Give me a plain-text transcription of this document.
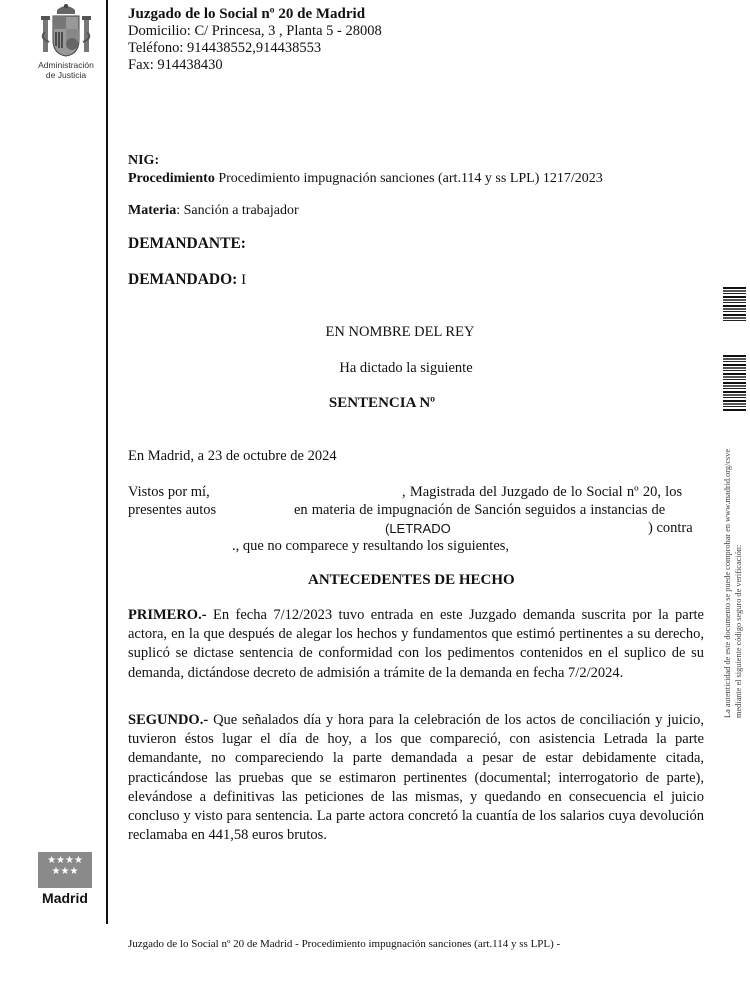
Administración
de Justicia
Juzgado de lo Social nº 20 de Madrid
Domicilio: C/ Princesa, 3 , Planta 5 - 28008
Teléfono: 914438552,914438553
Fax: 914438430
NIG:
Procedimiento Procedimiento impugnación sanciones (art.114 y ss LPL) 1217/2023
Materia: Sanción a trabajador
DEMANDANTE:
DEMANDADO: I
EN NOMBRE DEL REY
Ha dictado la siguiente
SENTENCIA Nº
En Madrid, a 23 de octubre de 2024
Vistos por mí,	, Magistrada del Juzgado de lo Social nº 20, los
presentes autos	en materia de impugnación de Sanción seguidos a instancias de
(LETRADO	) contra
., que no comparece y resultando los siguientes,
ANTECEDENTES DE HECHO
PRIMERO.- En fecha 7/12/2023 tuvo entrada en este Juzgado demanda suscrita por la parte actora, en la que después de alegar los hechos y fundamentos que estimó pertinentes a su derecho, suplicó se dictase sentencia de conformidad con los pedimentos contenidos en el suplico de su demanda, dictándose decreto de admisión a trámite de la demanda en fecha 7/2/2024.
SEGUNDO.- Que señalados día y hora para la celebración de los actos de conciliación y juicio, tuvieron éstos lugar el día de hoy, a los que compareció, con asistencia Letrada la parte demandante, no compareciendo la parte demandada a pesar de estar debidamente citada, practicándose las pruebas que se estimaron pertinentes (documental; interrogatorio de parte), elevándose a definitivas las peticiones de las mismas, y quedando en consecuencia el juicio concluso y visto para sentencia. La parte actora concretó la cuantía de los salarios cuya devolución reclamaba en 441,58 euros brutos.
La autenticidad de este documento se puede comprobar en www.madrid.org/csve mediante el siguiente código seguro de verificación:
★★★★
★★★
Madrid
Juzgado de lo Social nº 20 de Madrid - Procedimiento impugnación sanciones (art.114 y ss LPL) -
